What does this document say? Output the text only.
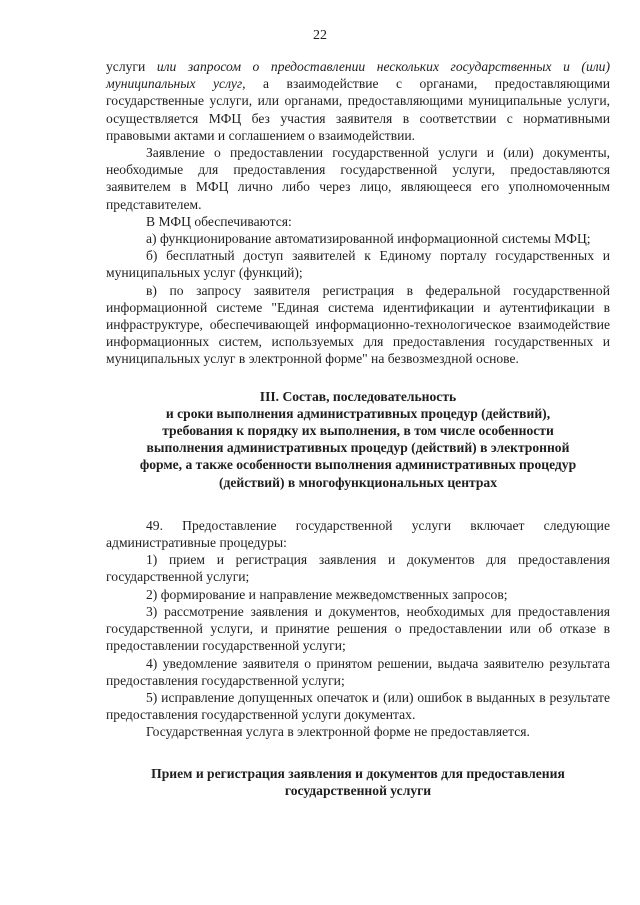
22

услуги или запросом о предоставлении нескольких государственных и (или) муниципальных услуг, а взаимодействие с органами, предоставляющими государственные услуги, или органами, предоставляющими муниципальные услуги, осуществляется МФЦ без участия заявителя в соответствии с нормативными правовыми актами и соглашением о взаимодействии.

Заявление о предоставлении государственной услуги и (или) документы, необходимые для предоставления государственной услуги, предоставляются заявителем в МФЦ лично либо через лицо, являющееся его уполномоченным представителем.

В МФЦ обеспечиваются:

а) функционирование автоматизированной информационной системы МФЦ;

б) бесплатный доступ заявителей к Единому порталу государственных и муниципальных услуг (функций);

в) по запросу заявителя регистрация в федеральной государственной информационной системе "Единая система идентификации и аутентификации в инфраструктуре, обеспечивающей информационно-технологическое взаимодействие информационных систем, используемых для предоставления государственных и муниципальных услуг в электронной форме" на безвозмездной основе.

III. Состав, последовательность

и сроки выполнения административных процедур (действий),

требования к порядку их выполнения, в том числе особенности

выполнения административных процедур (действий) в электронной

форме, а также особенности выполнения административных процедур

(действий) в многофункциональных центрах

49. Предоставление государственной услуги включает следующие административные процедуры:

1) прием и регистрация заявления и документов для предоставления государственной услуги;

2) формирование и направление межведомственных запросов;

3) рассмотрение заявления и документов, необходимых для предоставления государственной услуги, и принятие решения о предоставлении или об отказе в предоставлении государственной услуги;

4) уведомление заявителя о принятом решении, выдача заявителю результата предоставления государственной услуги;

5) исправление допущенных опечаток и (или) ошибок в выданных в результате предоставления государственной услуги документах.

Государственная услуга в электронной форме не предоставляется.

Прием и регистрация заявления и документов для предоставления

государственной услуги
